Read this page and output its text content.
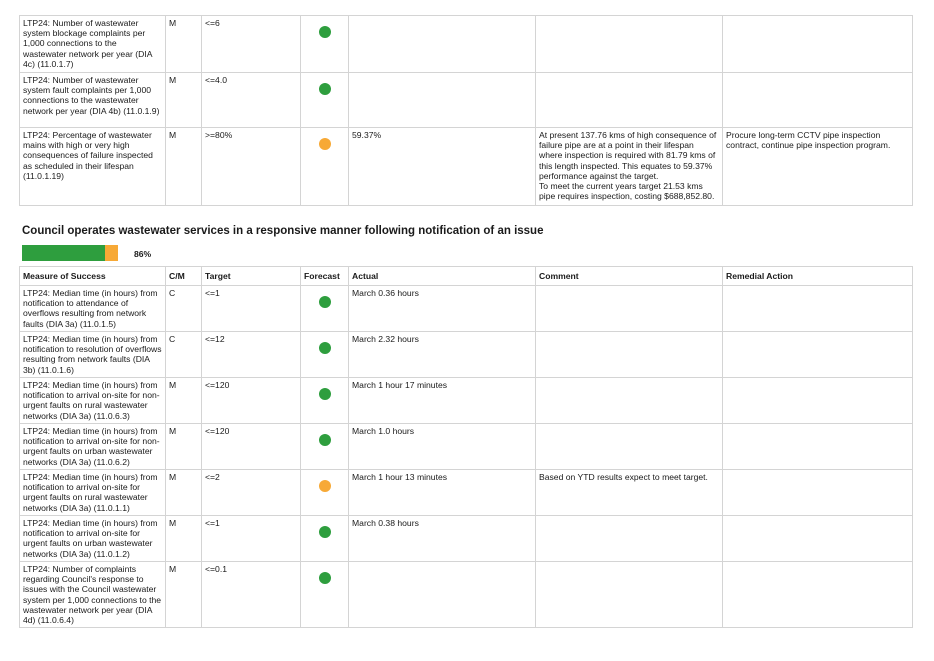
LTP24: Number of wastewater system blockage complaints per 1,000 connections to the wastewater network per year (DIA 4c) (11.0.1.7)	M	<=6	

LTP24: Number of wastewater system fault complaints per 1,000 connections to the wastewater network per year (DIA 4b) (11.0.1.9)	M	<=4.0	

LTP24: Percentage of wastewater mains with high or very high consequences of failure inspected as scheduled in their lifespan (11.0.1.19)	M	>=80%		59.37%	At present 137.76 kms of high consequence of failure pipe are at a point in their lifespan where inspection is required with 81.79 kms of this length inspected. This equates to 59.37% performance against the target.
To meet the current years target 21.53 kms pipe requires inspection, costing $688,852.80.	Procure long-term CCTV pipe inspection contract, continue pipe inspection program.
Council operates wastewater services in a responsive manner following notification of an issue
86%
Measure of Success	C/M	Target	Forecast	Actual	Comment	Remedial Action
LTP24: Median time (in hours) from notification to attendance of overflows resulting from network faults (DIA 3a) (11.0.1.5)	C	<=1		March 0.36 hours		
LTP24: Median time (in hours) from notification to resolution of overflows resulting from network faults (DIA 3b) (11.0.1.6)	C	<=12		March 2.32 hours		
LTP24: Median time (in hours) from notification to arrival on-site for non-urgent faults on rural wastewater networks (DIA 3a) (11.0.6.3)	M	<=120		March 1 hour 17 minutes		
LTP24: Median time (in hours) from notification to arrival on-site for non-urgent faults on urban wastewater networks (DIA 3a) (11.0.6.2)	M	<=120		March 1.0 hours		
LTP24: Median time (in hours) from notification to arrival on-site for urgent faults on rural wastewater networks (DIA 3a) (11.0.1.1)	M	<=2		March 1 hour 13 minutes	Based on YTD results expect to meet target.	
LTP24: Median time (in hours) from notification to arrival on-site for urgent faults on urban wastewater networks (DIA 3a) (11.0.1.2)	M	<=1		March 0.38 hours		
LTP24: Number of complaints regarding Council's response to issues with the Council wastewater system per 1,000 connections to the wastewater network per year (DIA 4d) (11.0.6.4)	M	<=0.1	
